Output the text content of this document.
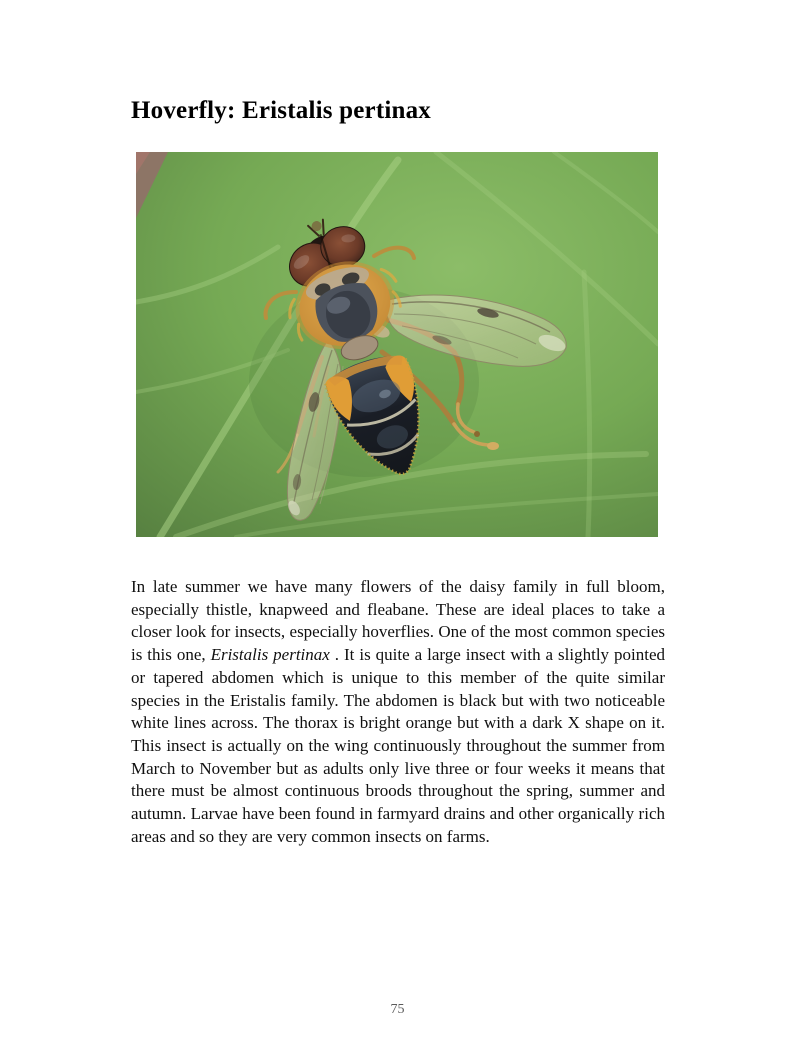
Hoverfly: Eristalis pertinax

In late summer we have many flowers of the daisy family in full bloom, especially thistle, knapweed and fleabane. These are ideal places to take a closer look for insects, especially hoverflies. One of the most common species is this one, Eristalis pertinax . It is quite a large insect with a slightly pointed or tapered abdomen which is unique to this member of the quite similar species in the Eristalis family. The abdomen is black but with two noticeable white lines across. The thorax is bright orange but with a dark X shape on it. This insect is actually on the wing continuously throughout the summer from March to November but as adults only live three or four weeks it means that there must be almost continuous broods throughout the spring, summer and autumn. Larvae have been found in farmyard drains and other organically rich areas and so they are very common insects on farms.

75
